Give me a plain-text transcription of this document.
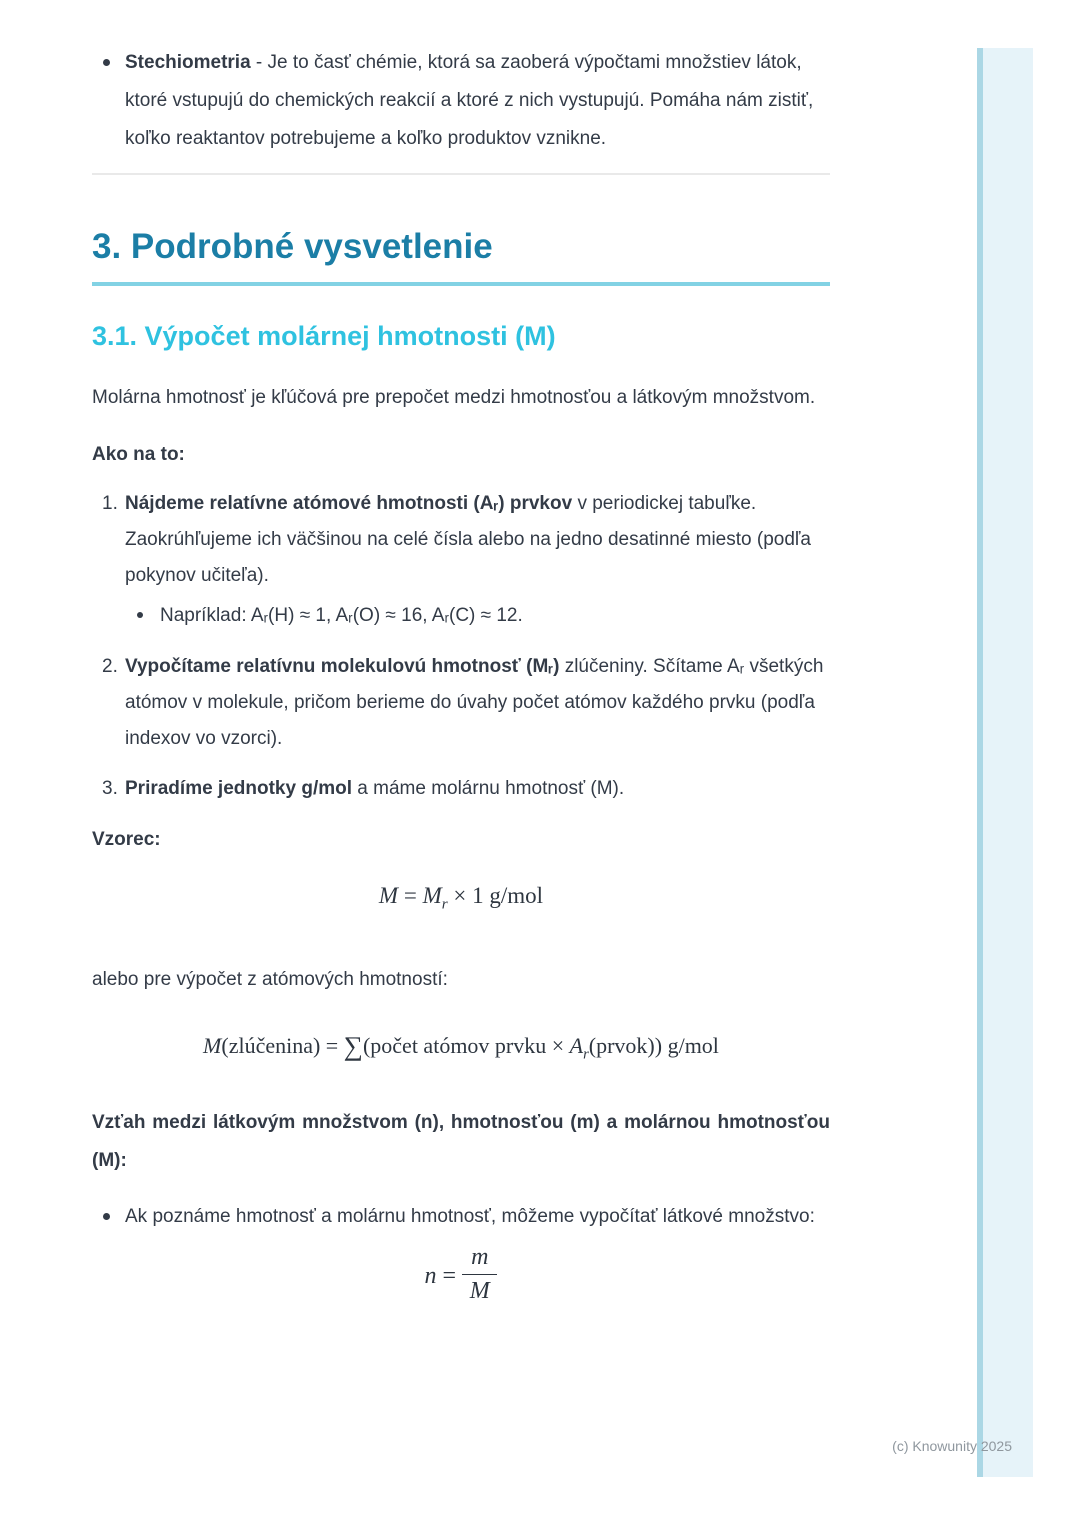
Stechiometria - Je to časť chémie, ktorá sa zaoberá výpočtami množstiev látok, ktoré vstupujú do chemických reakcií a ktoré z nich vystupujú. Pomáha nám zistiť, koľko reaktantov potrebujeme a koľko produktov vznikne.
3. Podrobné vysvetlenie
3.1. Výpočet molárnej hmotnosti (M)

Molárna hmotnosť je kľúčová pre prepočet medzi hmotnosťou a látkovým množstvom.

Ako na to:

1. Nájdeme relatívne atómové hmotnosti (Aᵣ) prvkov v periodickej tabuľke. Zaokrúhľujeme ich väčšinou na celé čísla alebo na jedno desatinné miesto (podľa pokynov učiteľa).
Napríklad: Aᵣ(H) ≈ 1, Aᵣ(O) ≈ 16, Aᵣ(C) ≈ 12.
2. Vypočítame relatívnu molekulovú hmotnosť (Mᵣ) zlúčeniny. Sčítame Aᵣ všetkých atómov v molekule, pričom berieme do úvahy počet atómov každého prvku (podľa indexov vo vzorci).
3. Priradíme jednotky g/mol a máme molárnu hmotnosť (M).

Vzorec:

$M = M_r \times 1$ g/mol

alebo pre výpočet z atómových hmotností:

M(zlúčenina) = ∑(počet atómov prvku × $A_r(prvok)$) g/mol

Vzťah medzi látkovým množstvom (n), hmotnosťou (m) a molárnou hmotnosťou (M):

Ak poznáme hmotnosť a molárnu hmotnosť, môžeme vypočítať látkové množstvo:
$n = \frac{m}{M}$
(c) Knowunity 2025
